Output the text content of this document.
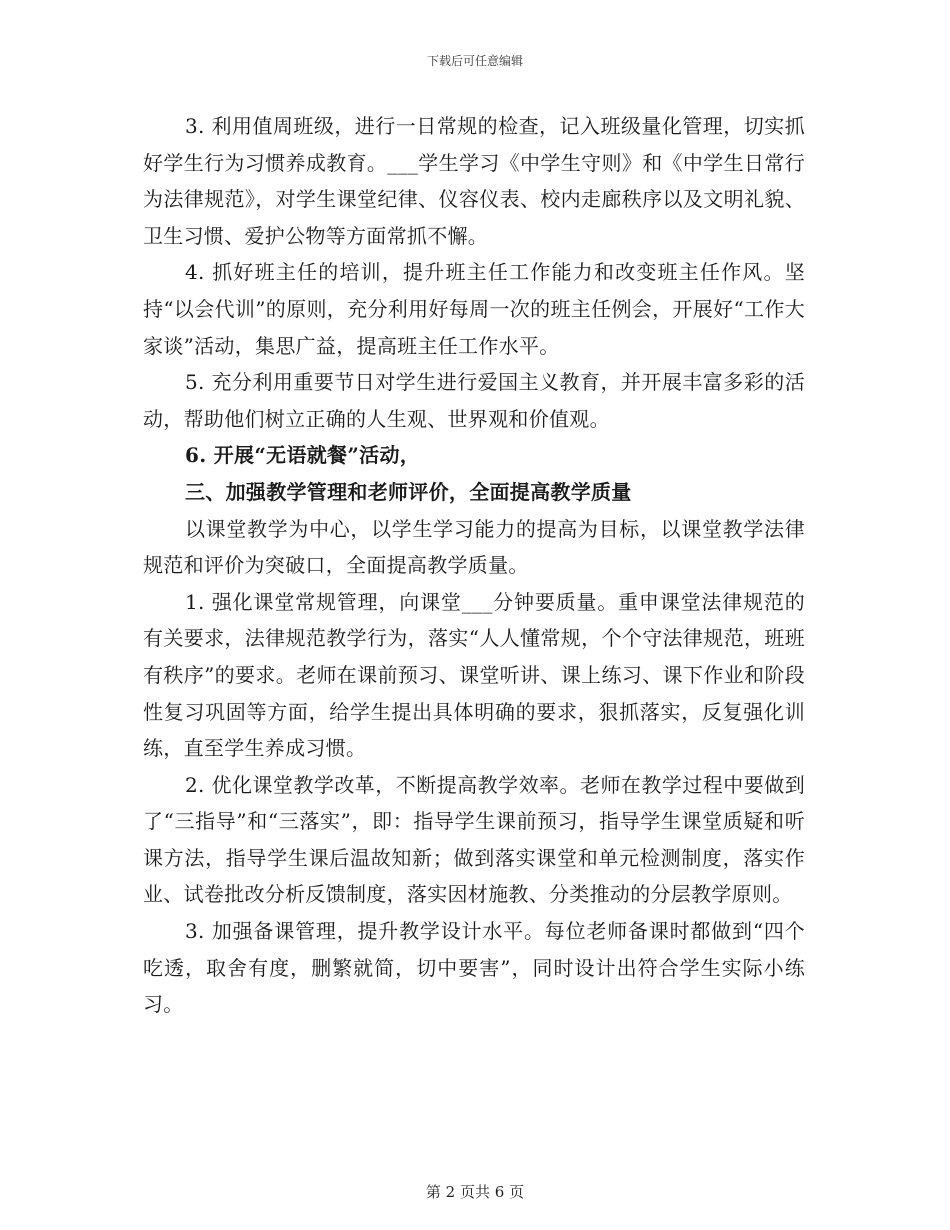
下载后可任意编辑

3. 利用值周班级，进行一日常规的检查，记入班级量化管理，切实抓好学生行为习惯养成教育。___学生学习《中学生守则》和《中学生日常行为法律规范》，对学生课堂纪律、仪容仪表、校内走廊秩序以及文明礼貌、卫生习惯、爱护公物等方面常抓不懈。

4. 抓好班主任的培训，提升班主任工作能力和改变班主任作风。坚持“以会代训”的原则，充分利用好每周一次的班主任例会，开展好“工作大家谈”活动，集思广益，提高班主任工作水平。

5. 充分利用重要节日对学生进行爱国主义教育，并开展丰富多彩的活动，帮助他们树立正确的人生观、世界观和价值观。

6. 开展“无语就餐”活动，

三、加强教学管理和老师评价，全面提高教学质量

以课堂教学为中心，以学生学习能力的提高为目标，以课堂教学法律规范和评价为突破口，全面提高教学质量。

1. 强化课堂常规管理，向课堂___分钟要质量。重申课堂法律规范的有关要求，法律规范教学行为，落实“人人懂常规，个个守法律规范，班班有秩序”的要求。老师在课前预习、课堂听讲、课上练习、课下作业和阶段性复习巩固等方面，给学生提出具体明确的要求，狠抓落实，反复强化训练，直至学生养成习惯。

2. 优化课堂教学改革，不断提高教学效率。老师在教学过程中要做到了“三指导”和“三落实”，即：指导学生课前预习，指导学生课堂质疑和听课方法，指导学生课后温故知新；做到落实课堂和单元检测制度，落实作业、试卷批改分析反馈制度，落实因材施教、分类推动的分层教学原则。

3. 加强备课管理，提升教学设计水平。每位老师备课时都做到“四个吃透，取舍有度，删繁就简，切中要害”，同时设计出符合学生实际小练习。

第 2 页共 6 页
